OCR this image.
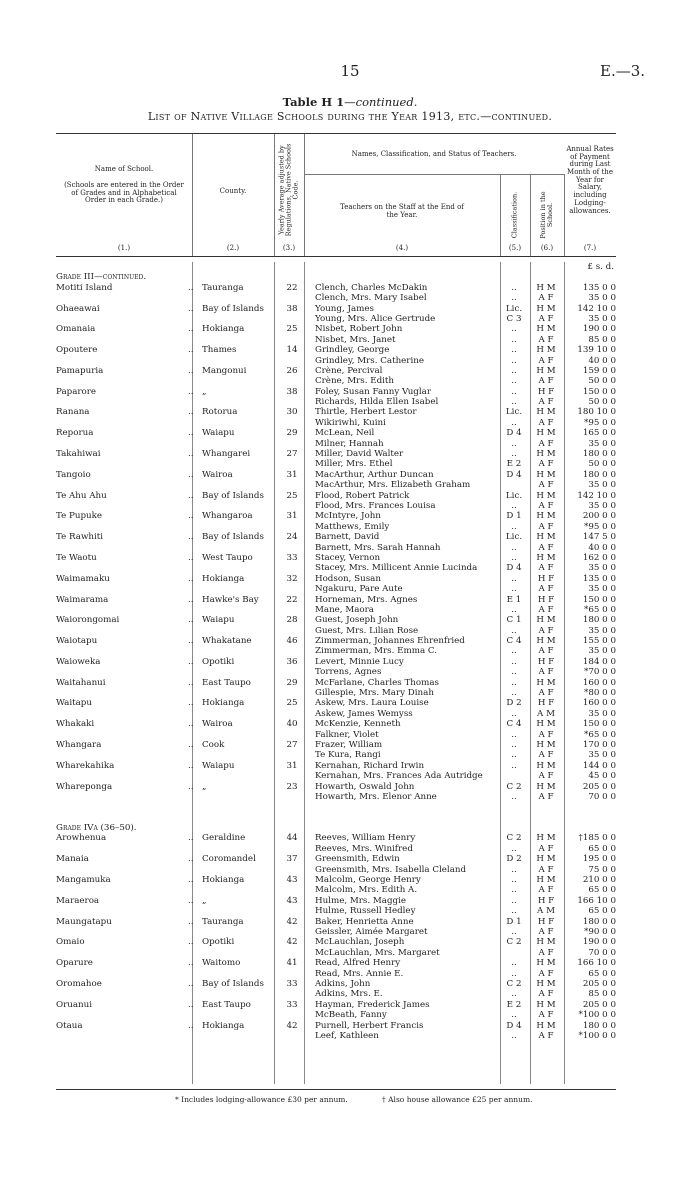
15	E.—3.
Table H 1—continued.
List of Native Village Schools during the Year 1913, etc.—continued.
Name of School.
(Schools are entered in the Order of Grades and in Alphabetical Order in each Grade.)
(1.)
County.
(2.)
Yearly Average adjusted by Regulations, Native Schools Code.
(3.)
Names, Classification, and Status of Teachers.
Teachers on the Staff at the End of the Year.
(4.)
Classification.
(5.)
Position in the School.
(6.)
Annual Rates of Payment during Last Month of the Year for Salary, including Lodging-allowances.
(7.)
£ s. d.
Grade III—continued.
Motiti Island	.. Tauranga	22	Clench, Charles McDakin	..	H M	135 0 0
Clench, Mrs. Mary Isabel	..	A F	35 0 0
Ohaeawai	.. Bay of Islands	38	Young, James	Lic.	H M	142 10 0
Young, Mrs. Alice Gertrude	C 3	A F	35 0 0
Omanaia	.. Hokianga	25	Nisbet, Robert John	..	H M	190 0 0
Nisbet, Mrs. Janet	..	A F	85 0 0
Opoutere	.. Thames	14	Grindley, George	..	H M	139 10 0
Grindley, Mrs. Catherine	..	A F	40 0 0
Pamapuria	.. Mangonui	26	Crène, Percival	..	H M	159 0 0
Crène, Mrs. Edith	..	A F	50 0 0
Paparore	.. „	38	Foley, Susan Fanny Vuglar	..	H F	150 0 0
Richards, Hilda Ellen Isabel	..	A F	50 0 0
Ranana	.. Rotorua	30	Thirtle, Herbert Lestor	Lic.	H M	180 10 0
Wikiriwhi, Kuini	..	A F	*95 0 0
Reporua	.. Waiapu	29	McLean, Neil	D 4	H M	165 0 0
Milner, Hannah	..	A F	35 0 0
Takahiwai	.. Whangarei	27	Miller, David Walter	..	H M	180 0 0
Miller, Mrs. Ethel	E 2	A F	50 0 0
Tangoio	.. Wairoa	31	MacArthur, Arthur Duncan	D 4	H M	180 0 0
MacArthur, Mrs. Elizabeth Graham	A F	35 0 0
Te Ahu Ahu	.. Bay of Islands	25	Flood, Robert Patrick	Lic.	H M	142 10 0
Flood, Mrs. Frances Louisa	..	A F	35 0 0
Te Pupuke	.. Whangaroa	31	McIntyre, John	D 1	H M	200 0 0
Matthews, Emily	..	A F	*95 0 0
Te Rawhiti	.. Bay of Islands	24	Barnett, David	Lic.	H M	147 5 0
Barnett, Mrs. Sarah Hannah	..	A F	40 0 0
Te Waotu	.. West Taupo	33	Stacey, Vernon	..	H M	162 0 0
Stacey, Mrs. Millicent Annie Lucinda	D 4	A F	35 0 0
Waimamaku	.. Hokianga	32	Hodson, Susan	..	H F	135 0 0
Ngakuru, Pare Aute	..	A F	35 0 0
Waimarama	.. Hawke's Bay	22	Horneman, Mrs. Agnes	E 1	H F	150 0 0
Mane, Maora	..	A F	*65 0 0
Waiorongomai	.. Waiapu	28	Guest, Joseph John	C 1	H M	180 0 0
Guest, Mrs. Lilian Rose	..	A F	35 0 0
Waiotapu	.. Whakatane	46	Zimmerman, Johannes Ehrenfried	C 4	H M	155 0 0
Zimmerman, Mrs. Emma C.	..	A F	35 0 0
Waioweka	.. Opotiki	36	Levert, Minnie Lucy	..	H F	184 0 0
Torrens, Agnes	..	A F	*70 0 0
Waitahanui	.. East Taupo	29	McFarlane, Charles Thomas	..	H M	160 0 0
Gillespie, Mrs. Mary Dinah	..	A F	*80 0 0
Waitapu	.. Hokianga	25	Askew, Mrs. Laura Louise	D 2	H F	160 0 0
Askew, James Wemyss	..	A M	35 0 0
Whakaki	.. Wairoa	40	McKenzie, Kenneth	C 4	H M	150 0 0
Falkner, Violet	..	A F	*65 0 0
Whangara	.. Cook	27	Frazer, William	..	H M	170 0 0
Te Kura, Rangi	..	A F	35 0 0
Wharekahika	.. Waiapu	31	Kernahan, Richard Irwin	..	H M	144 0 0
Kernahan, Mrs. Frances Ada Autridge	A F	45 0 0
Whareponga	.. „	23	Howarth, Oswald John	C 2	H M	205 0 0
Howarth, Mrs. Elenor Anne	..	A F	70 0 0
Grade IVa (36–50).
Arowhenua	.. Geraldine	44	Reeves, William Henry	C 2	H M	†185 0 0
Reeves, Mrs. Winifred	..	A F	65 0 0
Manaia	.. Coromandel	37	Greensmith, Edwin	D 2	H M	195 0 0
Greensmith, Mrs. Isabella Cleland	..	A F	75 0 0
Mangamuka	.. Hokianga	43	Malcolm, George Henry	..	H M	210 0 0
Malcolm, Mrs. Edith A.	..	A F	65 0 0
Maraeroa	.. „	43	Hulme, Mrs. Maggie	..	H F	166 10 0
Hulme, Russell Hedley	..	A M	65 0 0
Maungatapu	.. Tauranga	42	Baker, Henrietta Anne	D 1	H F	180 0 0
Geissler, Aimée Margaret	..	A F	*90 0 0
Omaio	.. Opotiki	42	McLauchlan, Joseph	C 2	H M	190 0 0
McLauchlan, Mrs. Margaret	A F	70 0 0
Oparure	.. Waitomo	41	Read, Alfred Henry	..	H M	166 10 0
Read, Mrs. Annie E.	..	A F	65 0 0
Oromahoe	.. Bay of Islands	33	Adkins, John	C 2	H M	205 0 0
Adkins, Mrs. E.	..	A F	85 0 0
Oruanui	.. East Taupo	33	Hayman, Frederick James	E 2	H M	205 0 0
McBeath, Fanny	..	A F	*100 0 0
Otaua	.. Hokianga	42	Purnell, Herbert Francis	D 4	H M	180 0 0
Leef, Kathleen	..	A F	*100 0 0
* Includes lodging-allowance £30 per annum.	† Also house allowance £25 per annum.
